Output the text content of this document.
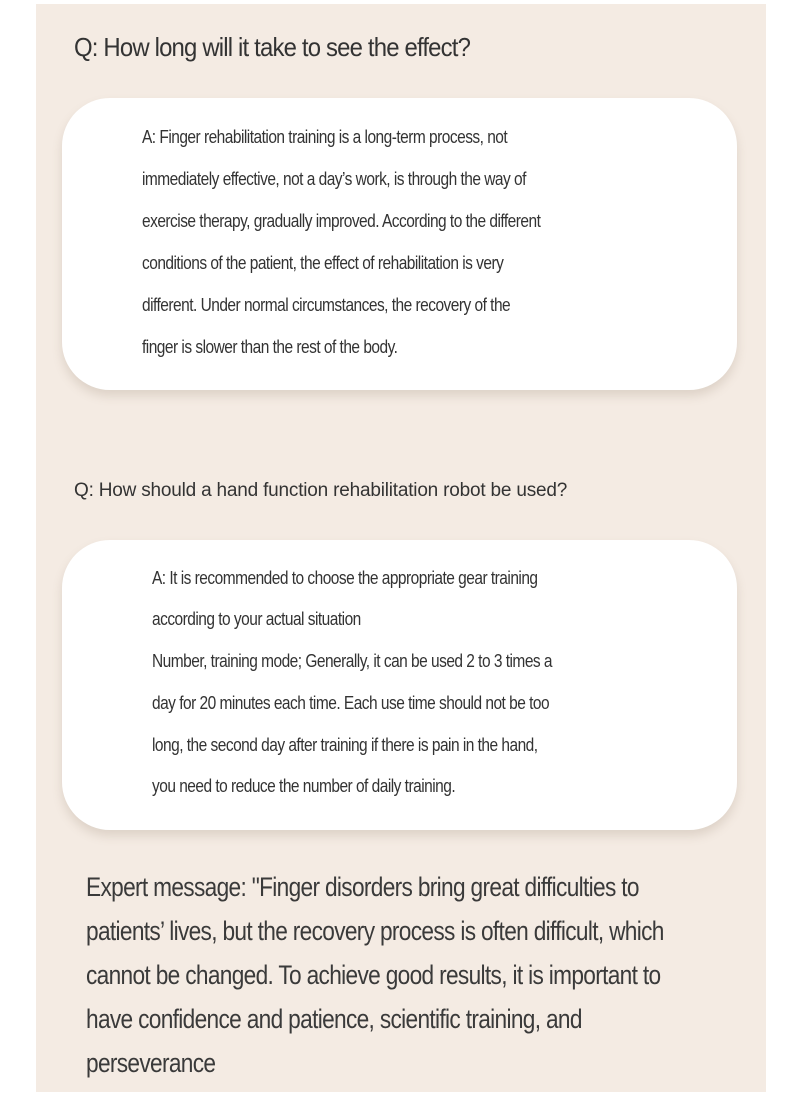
Q: How long will it take to see the effect?
A: Finger rehabilitation training is a long-term process, not
immediately effective, not a day’s work, is through the way of
exercise therapy, gradually improved. According to the different
conditions of the patient, the effect of rehabilitation is very
different. Under normal circumstances, the recovery of the
finger is slower than the rest of the body.
Q: How should a hand function rehabilitation robot be used?
A: It is recommended to choose the appropriate gear training
according to your actual situation
Number, training mode; Generally, it can be used 2 to 3 times a
day for 20 minutes each time. Each use time should not be too
long, the second day after training if there is pain in the hand,
you need to reduce the number of daily training.
Expert message: "Finger disorders bring great difficulties to
patients’ lives, but the recovery process is often difficult, which
cannot be changed. To achieve good results, it is important to
have confidence and patience, scientific training, and
perseverance
